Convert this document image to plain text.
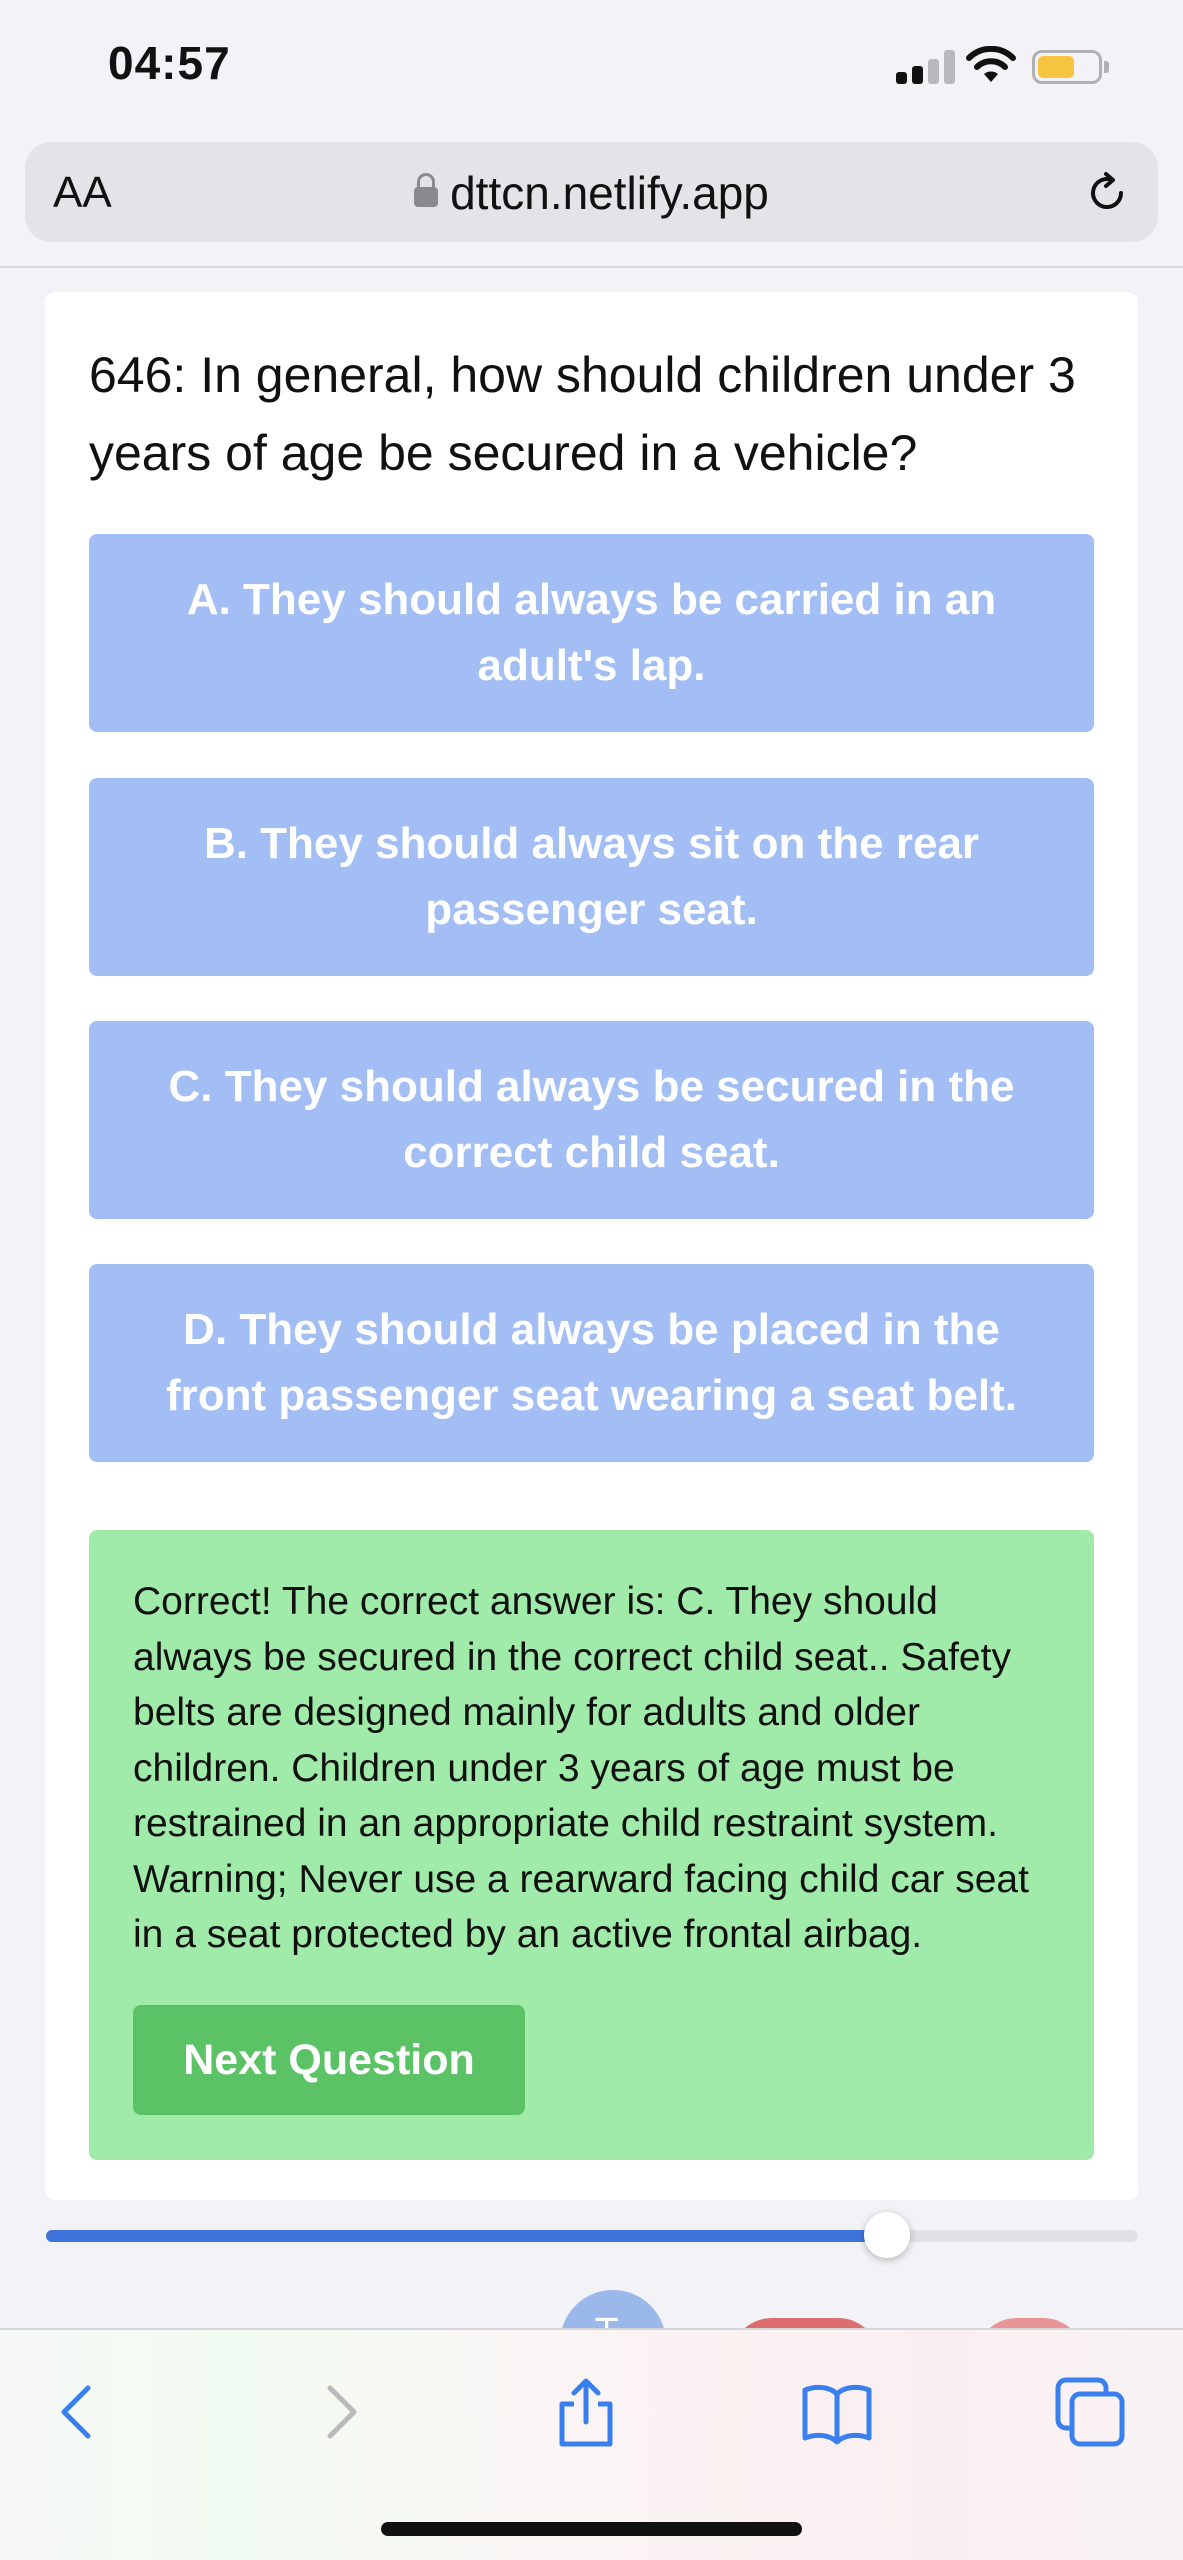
04:57
AA	dttcn.netlify.app
646: In general, how should children under 3 years of age be secured in a vehicle?
A. They should always be carried in an adult's lap.
B. They should always sit on the rear passenger seat.
C. They should always be secured in the correct child seat.
D. They should always be placed in the front passenger seat wearing a seat belt.
Correct! The correct answer is: C. They should always be secured in the correct child seat.. Safety belts are designed mainly for adults and older children. Children under 3 years of age must be restrained in an appropriate child restraint system. Warning; Never use a rearward facing child car seat in a seat protected by an active frontal airbag.
Next Question
